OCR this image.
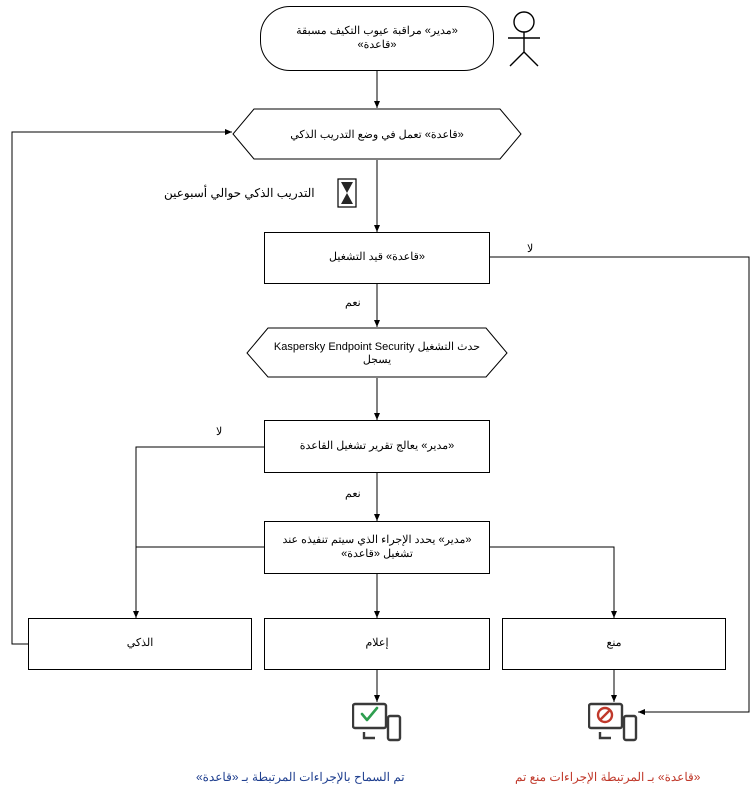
«مدير» مراقبة عيوب التكيف مسبقة «قاعدة»
«قاعدة» تعمل في وضع التدريب الذكي
التدريب الذكي حوالي أسبوعين
«قاعدة» قيد التشغيل
لا
نعم
حدث التشغيل Kaspersky Endpoint Security يسجل
«مدير» يعالج تقرير تشغيل القاعدة
لا
نعم
«مدير» يحدد الإجراء الذي سيتم تنفيذه عند تشغيل «قاعدة»
الذكي	إعلام	منع
تم السماح بالإجراءات المرتبطة بـ «قاعدة»	«قاعدة» بـ المرتبطة الإجراءات منع تم
